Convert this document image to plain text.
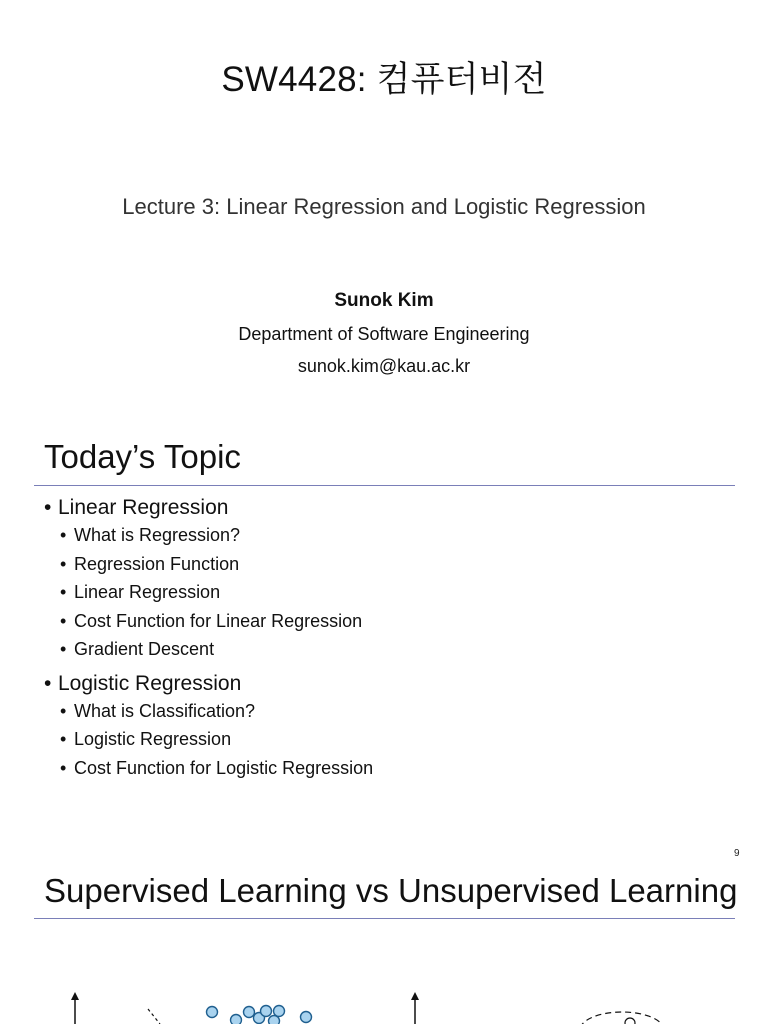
SW4428: 컴퓨터비전
Lecture 3: Linear Regression and Logistic Regression
Sunok Kim
Department of Software Engineering
sunok.kim@kau.ac.kr
Today’s Topic
• Linear Regression
• What is Regression?
• Regression Function
• Linear Regression
• Cost Function for Linear Regression
• Gradient Descent
• Logistic Regression
• What is Classification?
• Logistic Regression
• Cost Function for Logistic Regression
9
Supervised Learning vs Unsupervised Learning
